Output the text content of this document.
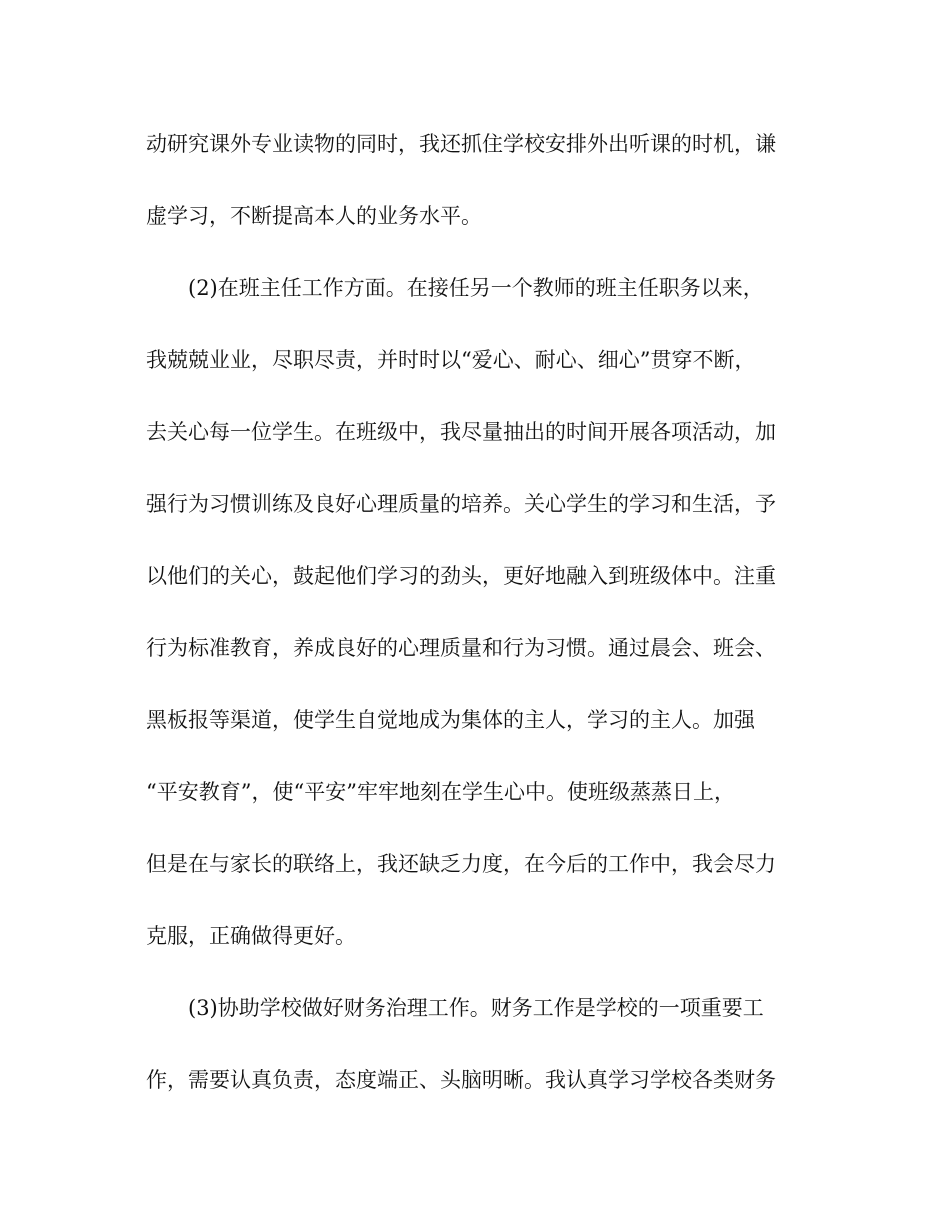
动研究课外专业读物的同时，我还抓住学校安排外出听课的时机，谦
虚学习，不断提高本人的业务水平。
(2)在班主任工作方面。在接任另一个教师的班主任职务以来，
我兢兢业业，尽职尽责，并时时以“爱心、耐心、细心”贯穿不断，
去关心每一位学生。在班级中，我尽量抽出的时间开展各项活动，加
强行为习惯训练及良好心理质量的培养。关心学生的学习和生活，予
以他们的关心，鼓起他们学习的劲头，更好地融入到班级体中。注重
行为标准教育，养成良好的心理质量和行为习惯。通过晨会、班会、
黑板报等渠道，使学生自觉地成为集体的主人，学习的主人。加强
“平安教育”，使“平安”牢牢地刻在学生心中。使班级蒸蒸日上，
但是在与家长的联络上，我还缺乏力度，在今后的工作中，我会尽力
克服，正确做得更好。
(3)协助学校做好财务治理工作。财务工作是学校的一项重要工
作，需要认真负责，态度端正、头脑明晰。我认真学习学校各类财务
